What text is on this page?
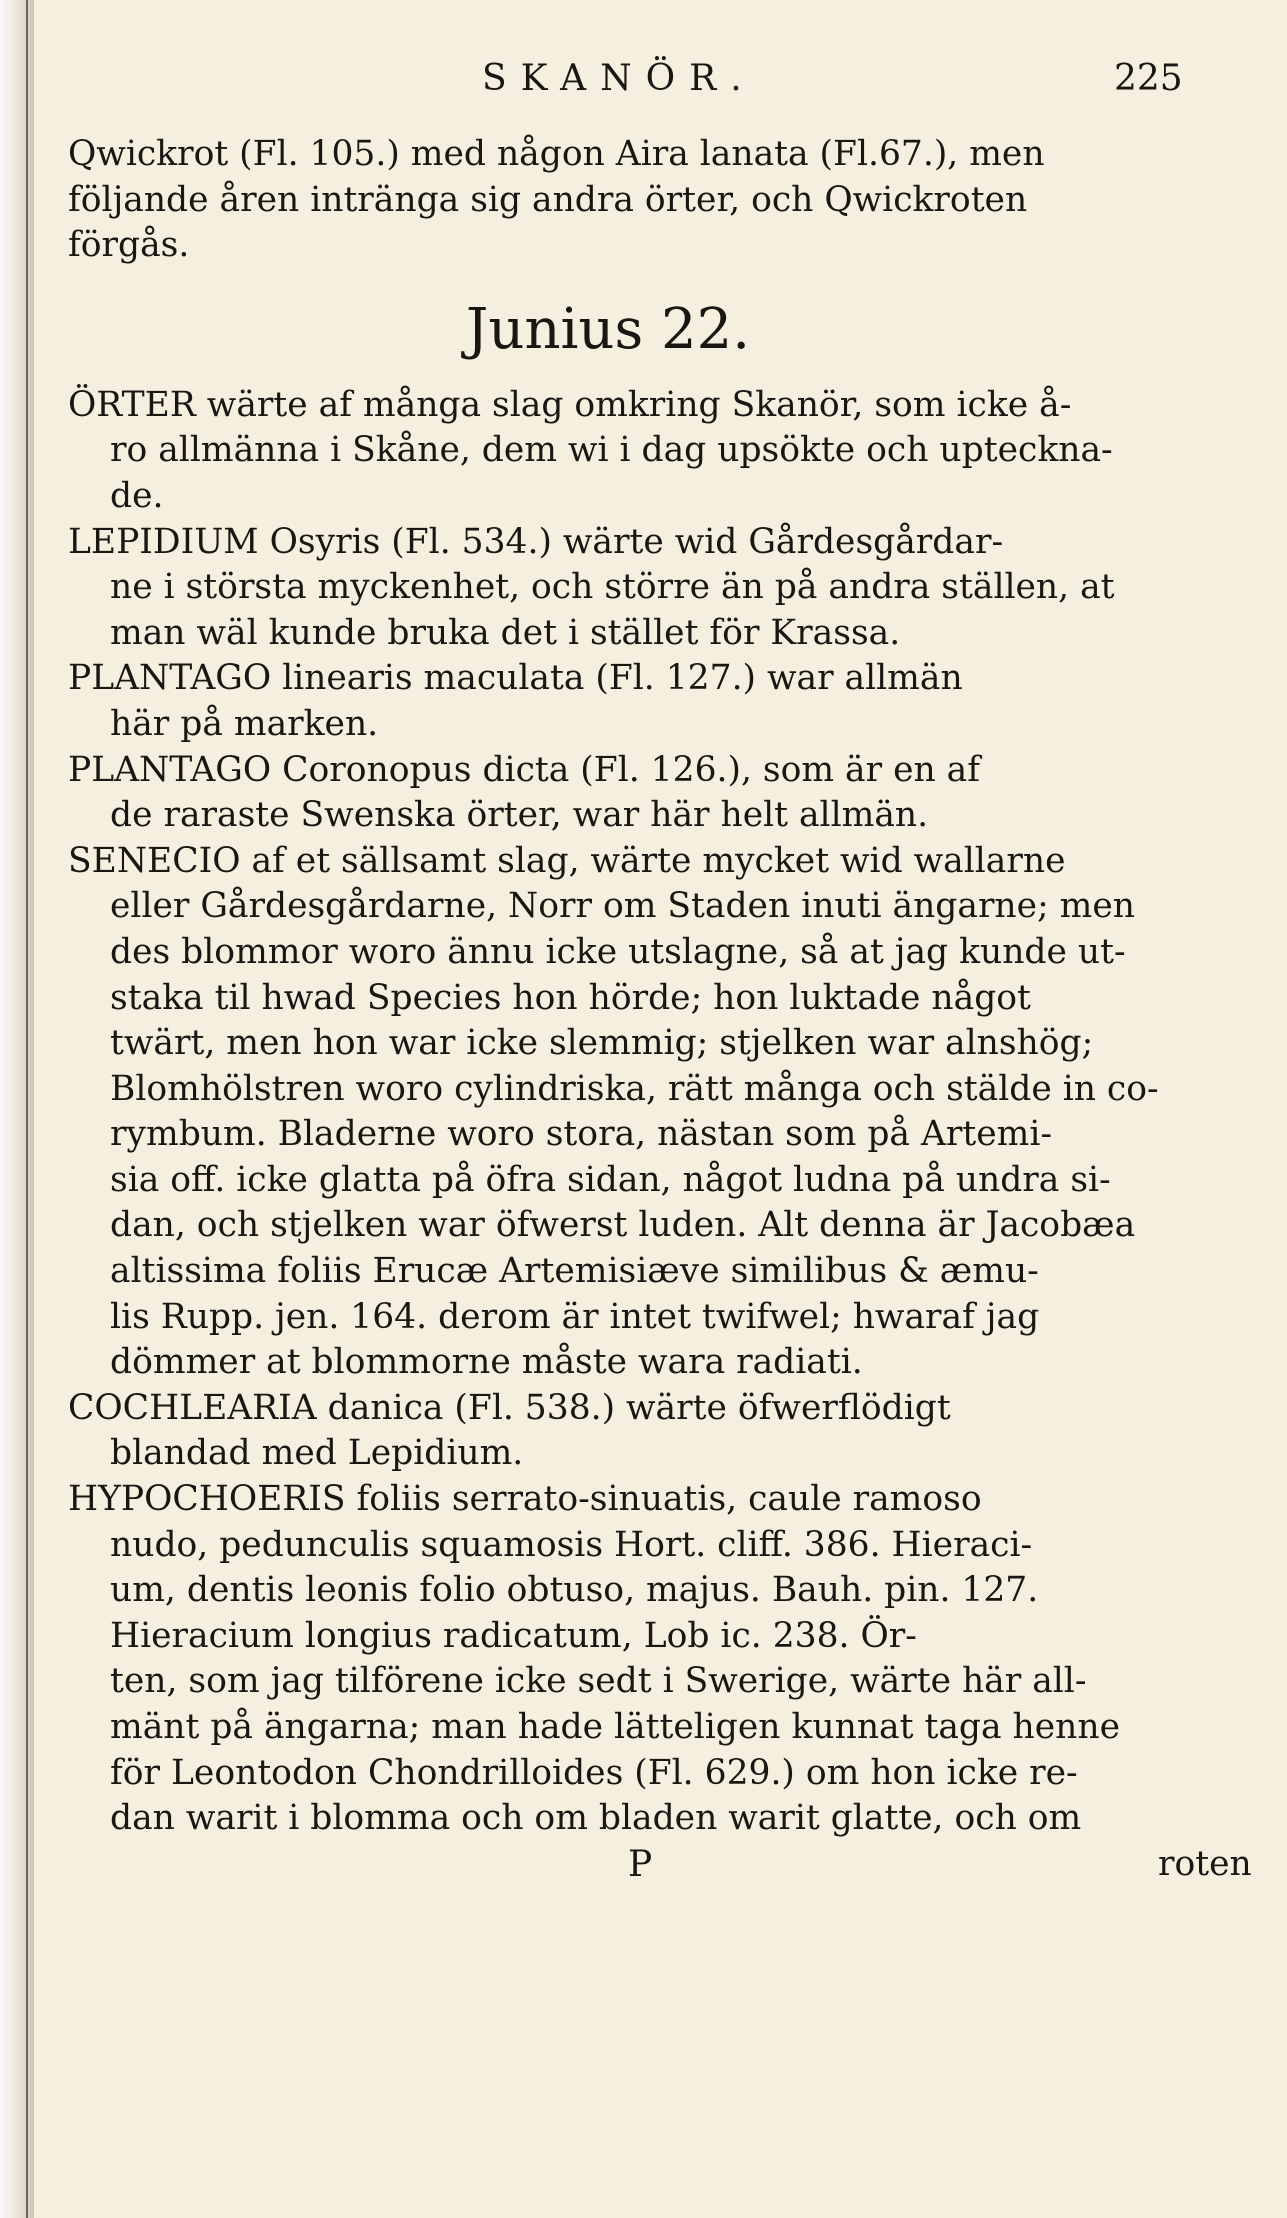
SKANÖR.	225
Qwickrot (Fl. 105.) med någon Aira lanata (Fl.67.), men
följande åren intränga sig andra örter, och Qwickroten
förgås.
Junius 22.
ÖRTER wärte af många slag omkring Skanör, som icke å-
ro allmänna i Skåne, dem wi i dag upsökte och upteckna-
de.
LEPIDIUM Osyris (Fl. 534.) wärte wid Gårdesgårdar-
ne i största myckenhet, och större än på andra ställen, at
man wäl kunde bruka det i stället för Krassa.
PLANTAGO linearis maculata (Fl. 127.) war allmän
här på marken.
PLANTAGO Coronopus dicta (Fl. 126.), som är en af
de raraste Swenska örter, war här helt allmän.
SENECIO af et sällsamt slag, wärte mycket wid wallarne
eller Gårdesgårdarne, Norr om Staden inuti ängarne; men
des blommor woro ännu icke utslagne, så at jag kunde ut-
staka til hwad Species hon hörde; hon luktade något
twärt, men hon war icke slemmig; stjelken war alnshög;
Blomhölstren woro cylindriska, rätt många och stälde in co-
rymbum. Bladerne woro stora, nästan som på Artemi-
sia off. icke glatta på öfra sidan, något ludna på undra si-
dan, och stjelken war öfwerst luden. Alt denna är Jacobæa
altissima foliis Erucæ Artemisiæve similibus & æmu-
lis Rupp. jen. 164. derom är intet twifwel; hwaraf jag
dömmer at blommorne måste wara radiati.
COCHLEARIA danica (Fl. 538.) wärte öfwerflödigt
blandad med Lepidium.
HYPOCHOERIS foliis serrato-sinuatis, caule ramoso
nudo, pedunculis squamosis Hort. cliff. 386. Hieraci-
um, dentis leonis folio obtuso, majus. Bauh. pin. 127.
Hieracium longius radicatum, Lob ic. 238. Ör-
ten, som jag tilförene icke sedt i Swerige, wärte här all-
mänt på ängarna; man hade lätteligen kunnat taga henne
för Leontodon Chondrilloides (Fl. 629.) om hon icke re-
dan warit i blomma och om bladen warit glatte, och om
P	roten
